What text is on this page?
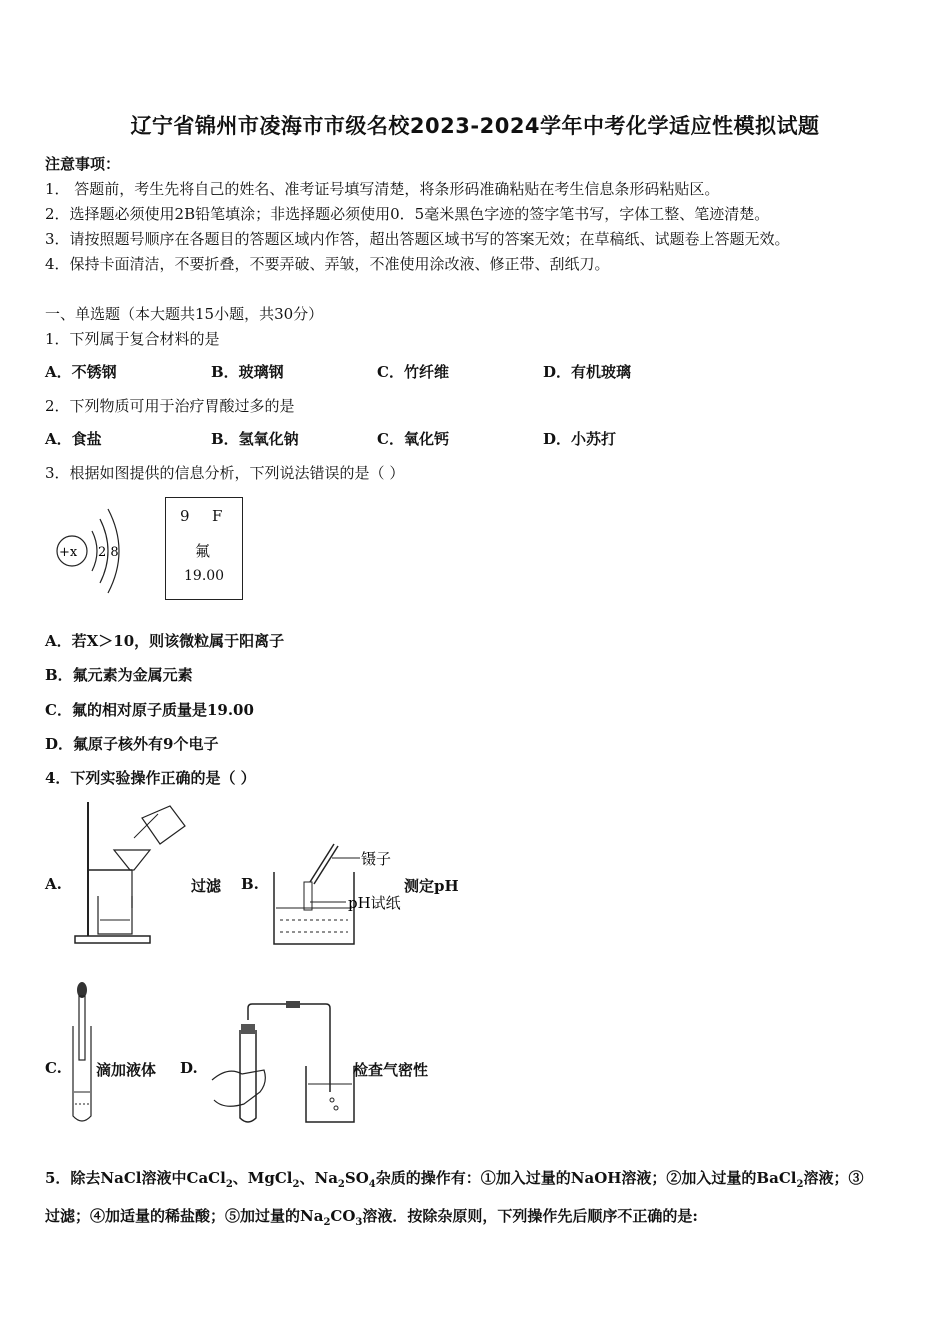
辽宁省锦州市凌海市市级名校2023-2024学年中考化学适应性模拟试题
注意事项：
1． 答题前，考生先将自己的姓名、准考证号填写清楚，将条形码准确粘贴在考生信息条形码粘贴区。
2．选择题必须使用2B铅笔填涂；非选择题必须使用0．5毫米黑色字迹的签字笔书写，字体工整、笔迹清楚。
3．请按照题号顺序在各题目的答题区域内作答，超出答题区域书写的答案无效；在草稿纸、试题卷上答题无效。
4．保持卡面清洁，不要折叠，不要弄破、弄皱，不准使用涂改液、修正带、刮纸刀。
一、单选题（本大题共15小题，共30分）
1．下列属于复合材料的是
A．不锈钢	B．玻璃钢	C．竹纤维	D．有机玻璃
2．下列物质可用于治疗胃酸过多的是
A．食盐	B．氢氧化钠	C．氧化钙	D．小苏打
3．根据如图提供的信息分析，下列说法错误的是（ ）
+x 2 8
9 F
氟
19.00
A．若X＞10，则该微粒属于阳离子
B．氟元素为金属元素
C．氟的相对原子质量是19.00
D．氟原子核外有9个电子
4．下列实验操作正确的是（ ）
A.	过滤 B.
镊子
pH试纸
测定pH
C. 滴加液体 D.	检查气密性
5．除去NaCl溶液中CaCl$_2$、MgCl$_2$、$Na_2SO_4$杂质的操作有：①加入过量的NaOH溶液；②加入过量的BaCl$_2$溶液；③
过滤；④加适量的稀盐酸；⑤加过量的$Na_2CO_3$溶液．按除杂原则，下列操作先后顺序不正确的是:
